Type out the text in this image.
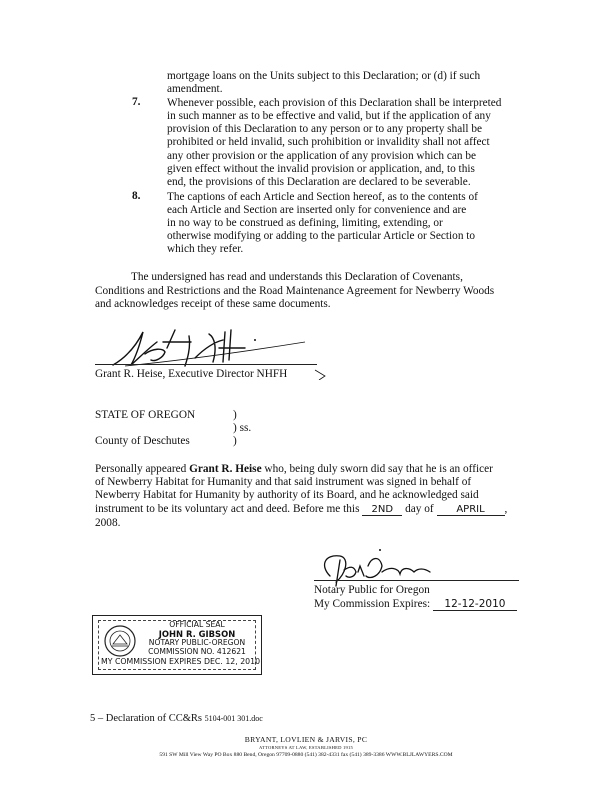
mortgage loans on the Units subject to this Declaration; or (d) if such
amendment.
7. Whenever possible, each provision of this Declaration shall be interpreted
in such manner as to be effective and valid, but if the application of any
provision of this Declaration to any person or to any property shall be
prohibited or held invalid, such prohibition or invalidity shall not affect
any other provision or the application of any provision which can be
given effect without the invalid provision or application, and, to this
end, the provisions of this Declaration are declared to be severable.
8. The captions of each Article and Section hereof, as to the contents of
each Article and Section are inserted only for convenience and are
in no way to be construed as defining, limiting, extending, or
otherwise modifying or adding to the particular Article or Section to
which they refer.
The undersigned has read and understands this Declaration of Covenants,
Conditions and Restrictions and the Road Maintenance Agreement for Newberry Woods
and acknowledges receipt of these same documents.
Grant R. Heise, Executive Director NHFH
STATE OF OREGON	)
) ss.
County of Deschutes	)
Personally appeared Grant R. Heise who, being duly sworn did say that he is an officer
of Newberry Habitat for Humanity and that said instrument was signed in behalf of
Newberry Habitat for Humanity by authority of its Board, and he acknowledged said
instrument to be its voluntary act and deed. Before me this 2ND day of APRIL ,
2008.
Notary Public for Oregon
My Commission Expires: 12-12-2010
OFFICIAL SEAL
JOHN R. GIBSON
NOTARY PUBLIC-OREGON
COMMISSION NO. 412621
MY COMMISSION EXPIRES DEC. 12, 2010
5 – Declaration of CC&Rs 5104-001 301.doc
BRYANT, LOVLIEN & JARVIS, PC
ATTORNEYS AT LAW, ESTABLISHED 1915
591 SW Mill View Way PO Box 880 Bend, Oregon 97709-0880 (541) 382-4331 fax (541) 389-3386 WWW.BLJLAWYERS.COM
